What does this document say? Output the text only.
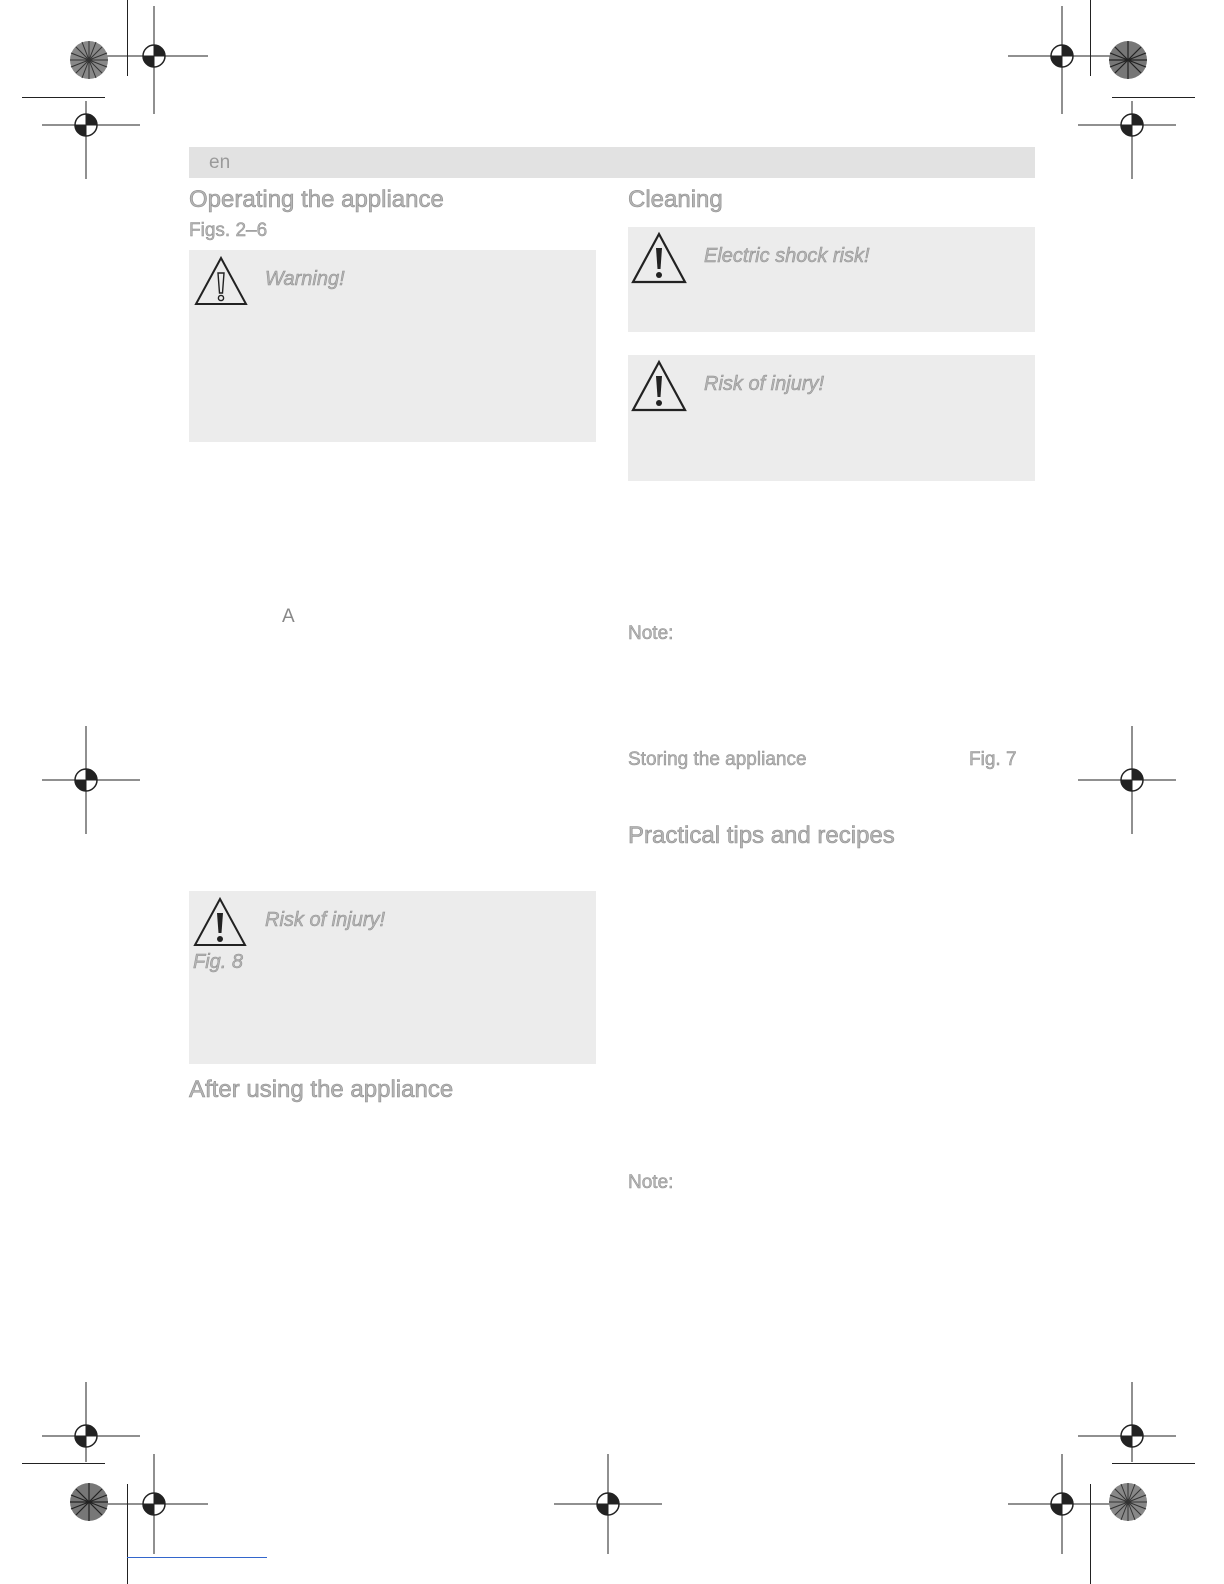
en
Operating the appliance
Figs. 2–6
Warning!
A
Risk of injury!
Fig. 8
After using the appliance
Cleaning
Electric shock risk!
Risk of injury!
Note:
Storing the appliance	Fig. 7
Practical tips and recipes
Note:
